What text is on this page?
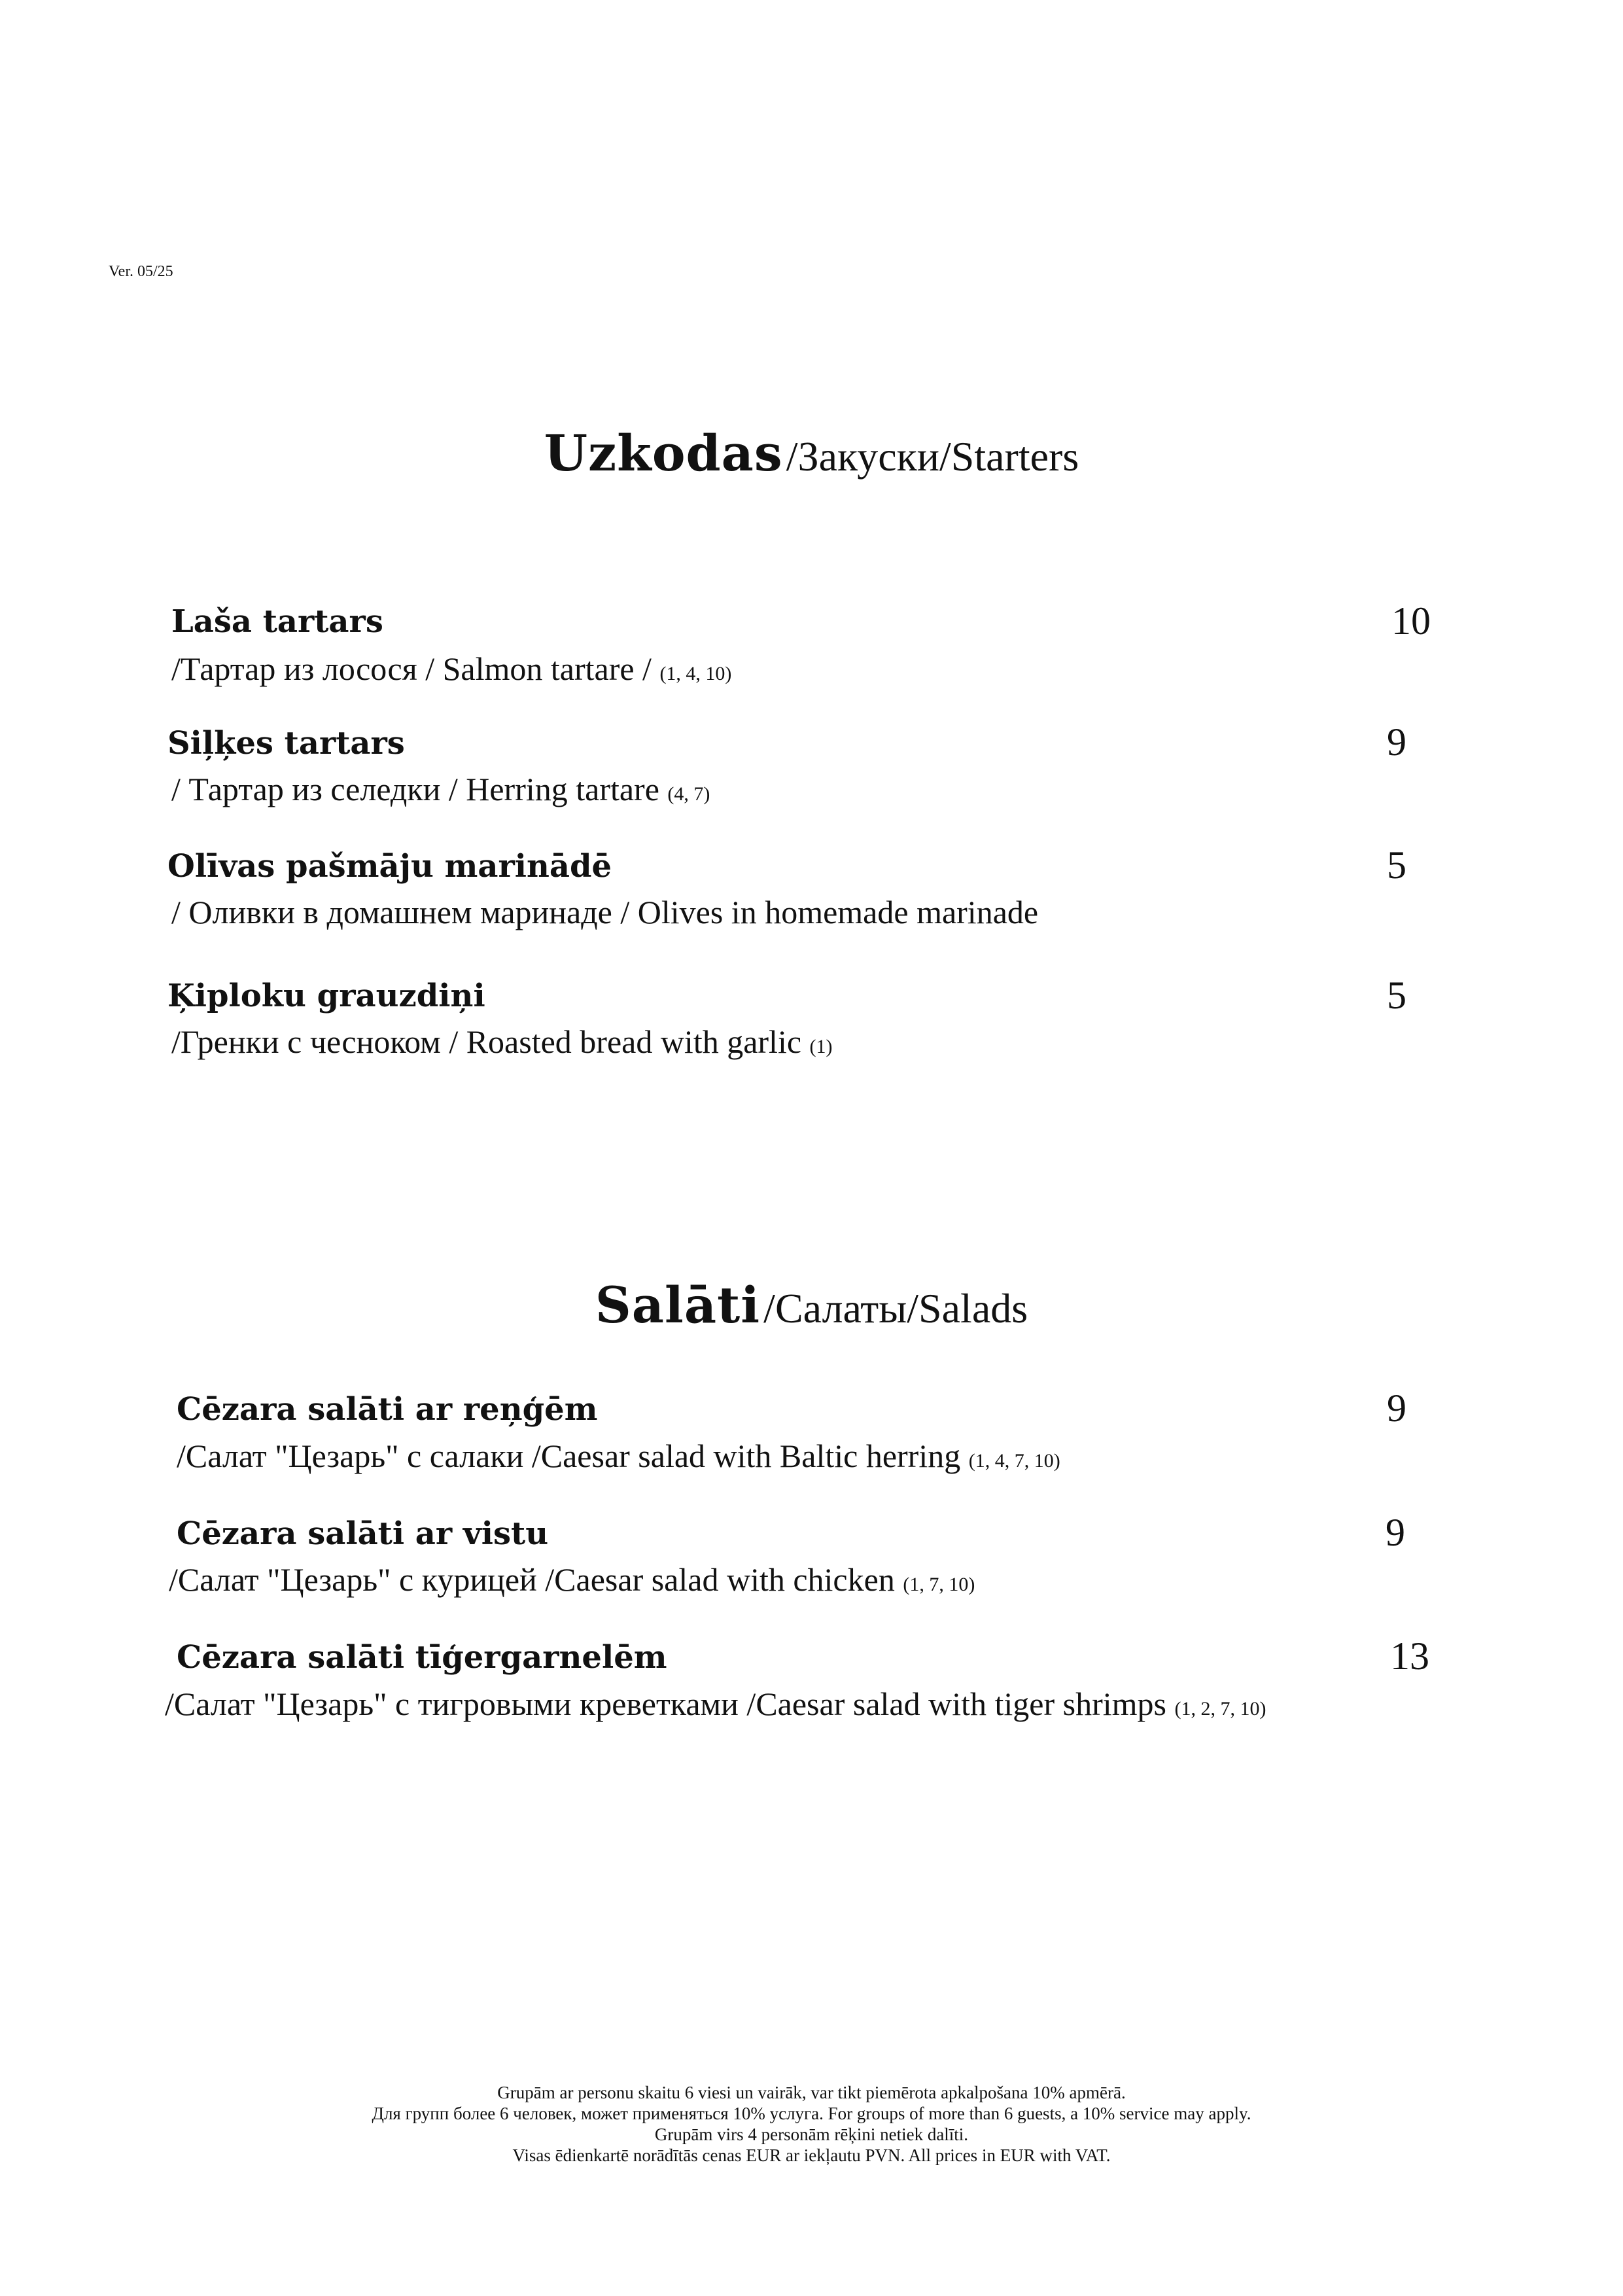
Ver. 05/25
Uzkodas /Закуски/Starters
Laša tartars	10
/Тартар из лосося / Salmon tartare / (1, 4, 10)
Siļķes tartars	9
/ Тартар из селедки / Herring tartare (4, 7)
Olīvas pašmāju marinādē	5
/ Оливки в домашнем маринаде / Olives in homemade marinade
Ķiploku grauzdiņi	5
/Гренки с чесноком / Roasted bread with garlic (1)
Salāti /Салаты/Salads
Cēzara salāti ar reņģēm	9
/Салат "Цезарь" с салаки /Caesar salad with Baltic herring (1, 4, 7, 10)
Cēzara salāti ar vistu	9
/Салат "Цезарь" с курицей /Caesar salad with chicken (1, 7, 10)
Cēzara salāti tīģergarnelēm	13
/Салат "Цезарь" с тигровыми креветками /Caesar salad with tiger shrimps (1, 2, 7, 10)
Grupām ar personu skaitu 6 viesi un vairāk, var tikt piemērota apkalpošana 10% apmērā.
Для групп более 6 человек, может применяться 10% услуга. For groups of more than 6 guests, a 10% service may apply.
Grupām virs 4 personām rēķini netiek dalīti.
Visas ēdienkartē norādītās cenas EUR ar iekļautu PVN. All prices in EUR with VAT.
